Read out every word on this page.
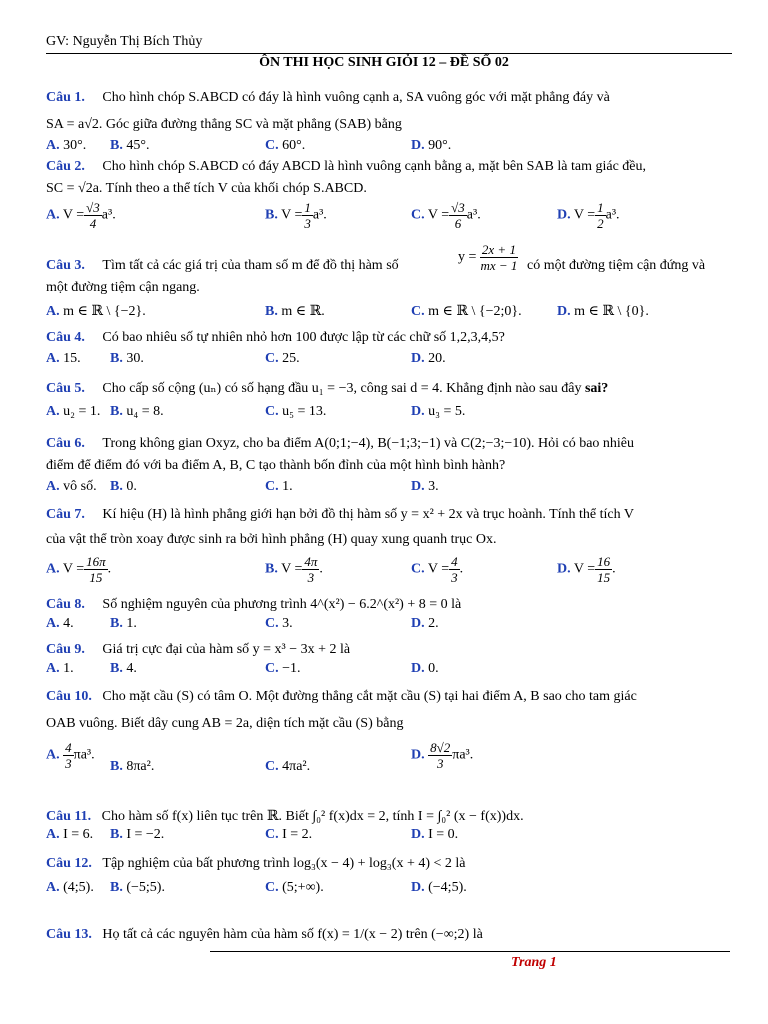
GV: Nguyễn Thị Bích Thủy
ÔN THI HỌC SINH GIỎI 12 – ĐỀ SỐ 02
Câu 1. Cho hình chóp S.ABCD có đáy là hình vuông cạnh a, SA vuông góc với mặt phẳng đáy và
SA = a√2. Góc giữa đường thẳng SC và mặt phẳng (SAB) bằng
A. 30°. B. 45°.	C. 60°.	D. 90°.
Câu 2. Cho hình chóp S.ABCD có đáy ABCD là hình vuông cạnh bằng a, mặt bên SAB là tam giác đều,
SC = √2a. Tính theo a thể tích V của khối chóp S.ABCD.
A. $V = \frac{√3}{4} a^3$.	B. $V = \frac{1}{3} a^3$.	C. $V = \frac{√3}{6} a^3$.	D. $V = \frac{1}{2} a^3$.
Câu 3. Tìm tất cả các giá trị của tham số m để đồ thị hàm số
$y = \frac{2x + 1}{mx - 1}$ có một đường tiệm cận đứng và
một đường tiệm cận ngang.
A. m ∈ ℝ \ {−2}.	B. m ∈ ℝ.	C. m ∈ ℝ \ {−2;0}.	D. m ∈ ℝ \ {0}.
Câu 4. Có bao nhiêu số tự nhiên nhỏ hơn 100 được lập từ các chữ số 1,2,3,4,5?
A. 15. B. 30.	C. 25.	D. 20.
Câu 5. Cho cấp số cộng (uₙ) có số hạng đầu u₁ = −3, công sai d = 4. Khẳng định nào sau đây sai?
A. u₂ = 1. B. u₄ = 8.	C. u₅ = 13.	D. u₃ = 5.
Câu 6. Trong không gian Oxyz, cho ba điểm A(0;1;−4), B(−1;3;−1) và C(2;−3;−10). Hỏi có bao nhiêu
điểm để điểm đó với ba điểm A, B, C tạo thành bốn đỉnh của một hình bình hành?
A. vô số. B. 0.	C. 1.	D. 3.
Câu 7. Kí hiệu (H) là hình phẳng giới hạn bởi đồ thị hàm số y = x² + 2x và trục hoành. Tính thể tích V
của vật thể tròn xoay được sinh ra bởi hình phẳng (H) quay xung quanh trục Ox.
A. $V = \frac{16\pi}{15}$ .	B. $V = \frac{4\pi}{3}$ .	C. $V = \frac{4}{3}$ .	D. $V = \frac{16}{15}$ .
Câu 8. Số nghiệm nguyên của phương trình 4^(x²) − 6.2^(x²) + 8 = 0 là
A. 4.	B. 1.	C. 3.	D. 2.
Câu 9. Giá trị cực đại của hàm số y = x³ − 3x + 2 là
A. 1.	B. 4.	C. −1.	D. 0.
Câu 10. Cho mặt cầu (S) có tâm O. Một đường thẳng cắt mặt cầu (S) tại hai điểm A, B sao cho tam giác
OAB vuông. Biết dây cung AB = 2a, diện tích mặt cầu (S) bằng
A. $\frac{4}{3} \pi a^3$.
B. 8πa².	C. 4πa².
D. $\frac{8√2}{3} \pi a^3$.
Câu 11. Cho hàm số f(x) liên tục trên ℝ. Biết ∫₀² f(x)dx = 2, tính I = ∫₀² (x − f(x))dx.
A. I = 6. B. I = −2.	C. I = 2.	D. I = 0.
Câu 12. Tập nghiệm của bất phương trình log₃(x − 4) + log₃(x + 4) < 2 là
A. (4;5). B. (−5;5).	C. (5;+∞).	D. (−4;5).
Câu 13. Họ tất cả các nguyên hàm của hàm số f(x) = 1/(x − 2) trên (−∞;2) là
Trang 1
